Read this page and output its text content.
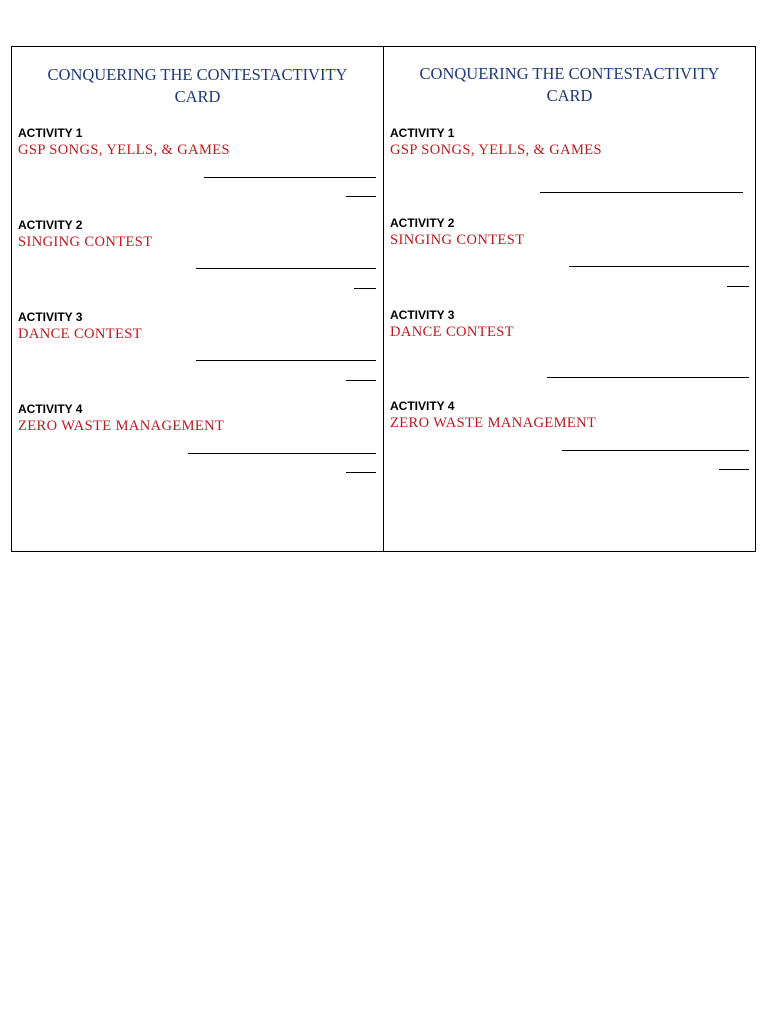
CONQUERING THE CONTESTACTIVITY CARD
ACTIVITY 1
GSP SONGS, YELLS, & GAMES
ACTIVITY 2
SINGING CONTEST
ACTIVITY 3
DANCE CONTEST
ACTIVITY 4
ZERO WASTE MANAGEMENT
CONQUERING THE CONTESTACTIVITY CARD
ACTIVITY 1
GSP SONGS, YELLS, & GAMES
ACTIVITY 2
SINGING CONTEST
ACTIVITY 3
DANCE CONTEST
ACTIVITY 4
ZERO WASTE MANAGEMENT
